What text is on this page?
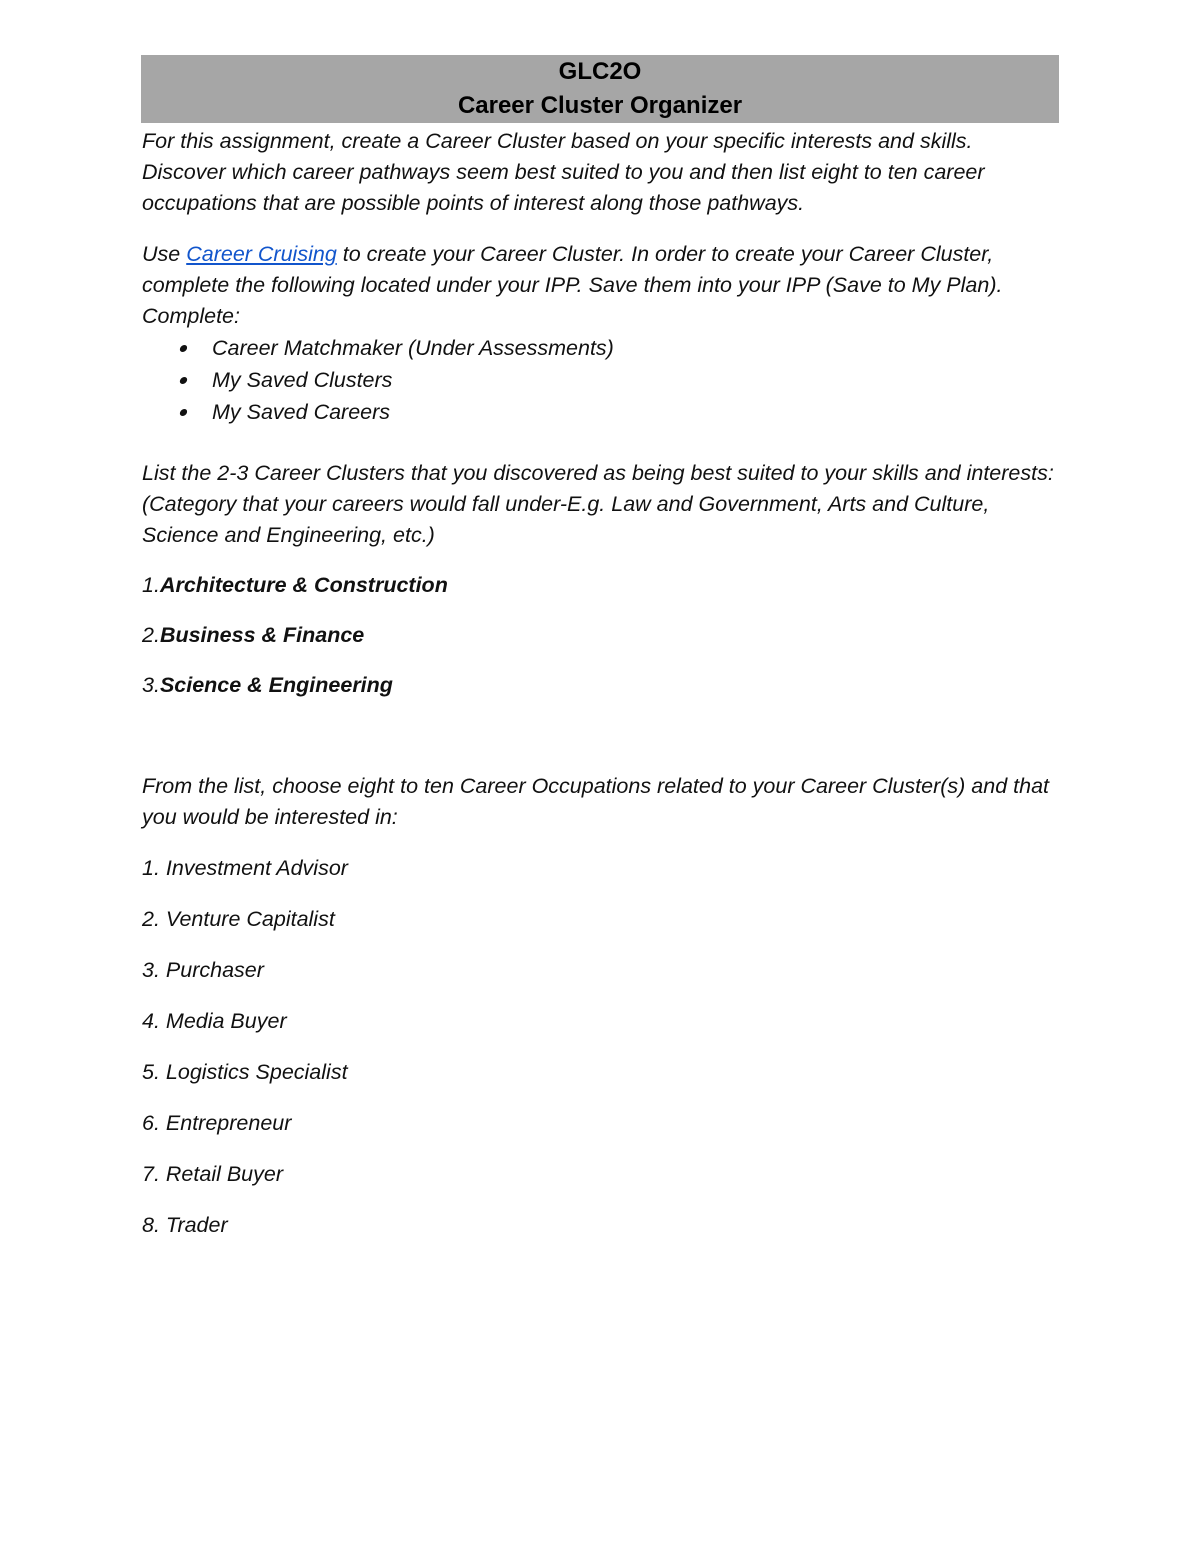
GLC2O
Career Cluster Organizer

For this assignment, create a Career Cluster based on your specific interests and skills. Discover which career pathways seem best suited to you and then list eight to ten career occupations that are possible points of interest along those pathways.

Use Career Cruising to create your Career Cluster. In order to create your Career Cluster, complete the following located under your IPP. Save them into your IPP (Save to My Plan).

Complete:

Career Matchmaker (Under Assessments)
My Saved Clusters
My Saved Careers

List the 2-3 Career Clusters that you discovered as being best suited to your skills and interests: (Category that your careers would fall under-E.g. Law and Government, Arts and Culture, Science and Engineering, etc.)

1.Architecture & Construction

2.Business & Finance

3.Science & Engineering

From the list, choose eight to ten Career Occupations related to your Career Cluster(s) and that you would be interested in:

1. Investment Advisor

2. Venture Capitalist

3. Purchaser

4. Media Buyer

5. Logistics Specialist

6. Entrepreneur

7. Retail Buyer

8. Trader
